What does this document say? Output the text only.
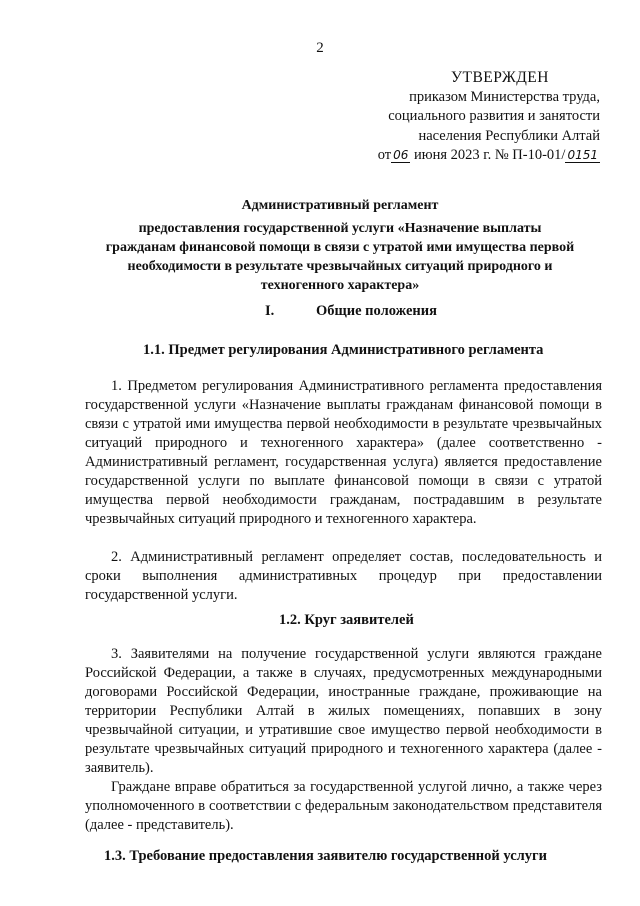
2
УТВЕРЖДЕН
приказом Министерства труда,
социального развития и занятости
населения Республики Алтай
от 06 июня 2023 г. № П-10-01/ 0151
Административный регламент
предоставления государственной услуги «Назначение выплаты
гражданам финансовой помощи в связи с утратой ими имущества первой
необходимости в результате чрезвычайных ситуаций природного и
техногенного характера»
I.	Общие положения
1.1. Предмет регулирования Административного регламента
1. Предметом регулирования Административного регламента предоставления государственной услуги «Назначение выплаты гражданам финансовой помощи в связи с утратой ими имущества первой необходимости в результате чрезвычайных ситуаций природного и техногенного характера» (далее соответственно - Административный регламент, государственная услуга) является предоставление государственной услуги по выплате финансовой помощи в связи с утратой имущества первой необходимости гражданам, пострадавшим в результате чрезвычайных ситуаций природного и техногенного характера.
2. Административный регламент определяет состав, последовательность и сроки выполнения административных процедур при предоставлении государственной услуги.
1.2. Круг заявителей
3. Заявителями на получение государственной услуги являются граждане Российской Федерации, а также в случаях, предусмотренных международными договорами Российской Федерации, иностранные граждане, проживающие на территории Республики Алтай в жилых помещениях, попавших в зону чрезвычайной ситуации, и утратившие свое имущество первой необходимости в результате чрезвычайных ситуаций природного и техногенного характера (далее - заявитель).
Граждане вправе обратиться за государственной услугой лично, а также через уполномоченного в соответствии с федеральным законодательством представителя (далее - представитель).
1.3. Требование предоставления заявителю государственной услуги
